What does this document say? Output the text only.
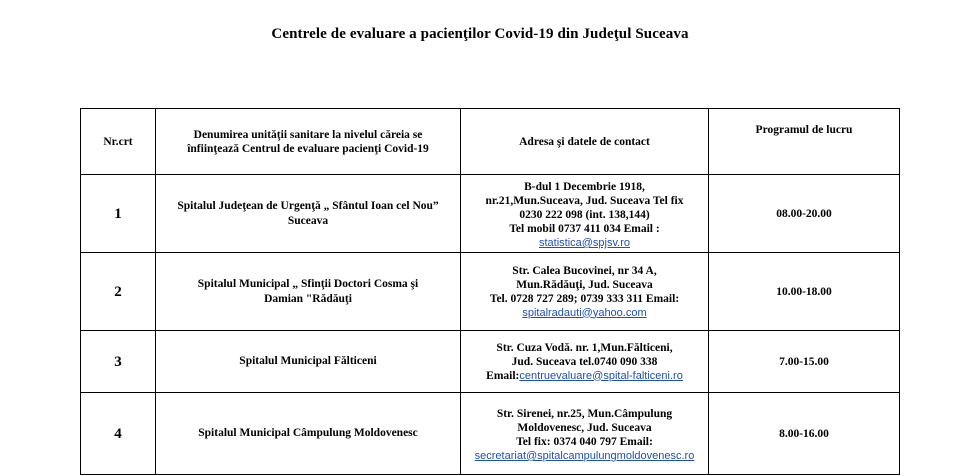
Centrele de evaluare a pacienţilor Covid-19 din Judeţul Suceava
Nr.crt	Denumirea unităţii sanitare la nivelul căreia se
înfiinţează Centrul de evaluare pacienţi Covid-19	Adresa şi datele de contact	Programul de lucru
1	Spitalul Judeţean de Urgenţă „ Sfântul Ioan cel Nou”
Suceava	B-dul 1 Decembrie 1918,
nr.21,Mun.Suceava, Jud. Suceava Tel fix
0230 222 098 (int. 138,144)
Tel mobil 0737 411 034 Email :
statistica@spjsv.ro	08.00-20.00
2	Spitalul Municipal „ Sfinţii Doctori Cosma şi
Damian "Rădăuţi	Str. Calea Bucovinei, nr 34 A,
Mun.Rădăuţi, Jud. Suceava
Tel. 0728 727 289; 0739 333 311 Email:
spitalradauti@yahoo.com	10.00-18.00
3	Spitalul Municipal Fălticeni	Str. Cuza Vodă. nr. 1,Mun.Fălticeni,
Jud. Suceava tel.0740 090 338
Email:centruevaluare@spital-falticeni.ro	7.00-15.00
4	Spitalul Municipal Câmpulung Moldovenesc	Str. Sirenei, nr.25, Mun.Câmpulung
Moldovenesc, Jud. Suceava
Tel fix: 0374 040 797 Email:
secretariat@spitalcampulungmoldovenesc.ro	8.00-16.00
